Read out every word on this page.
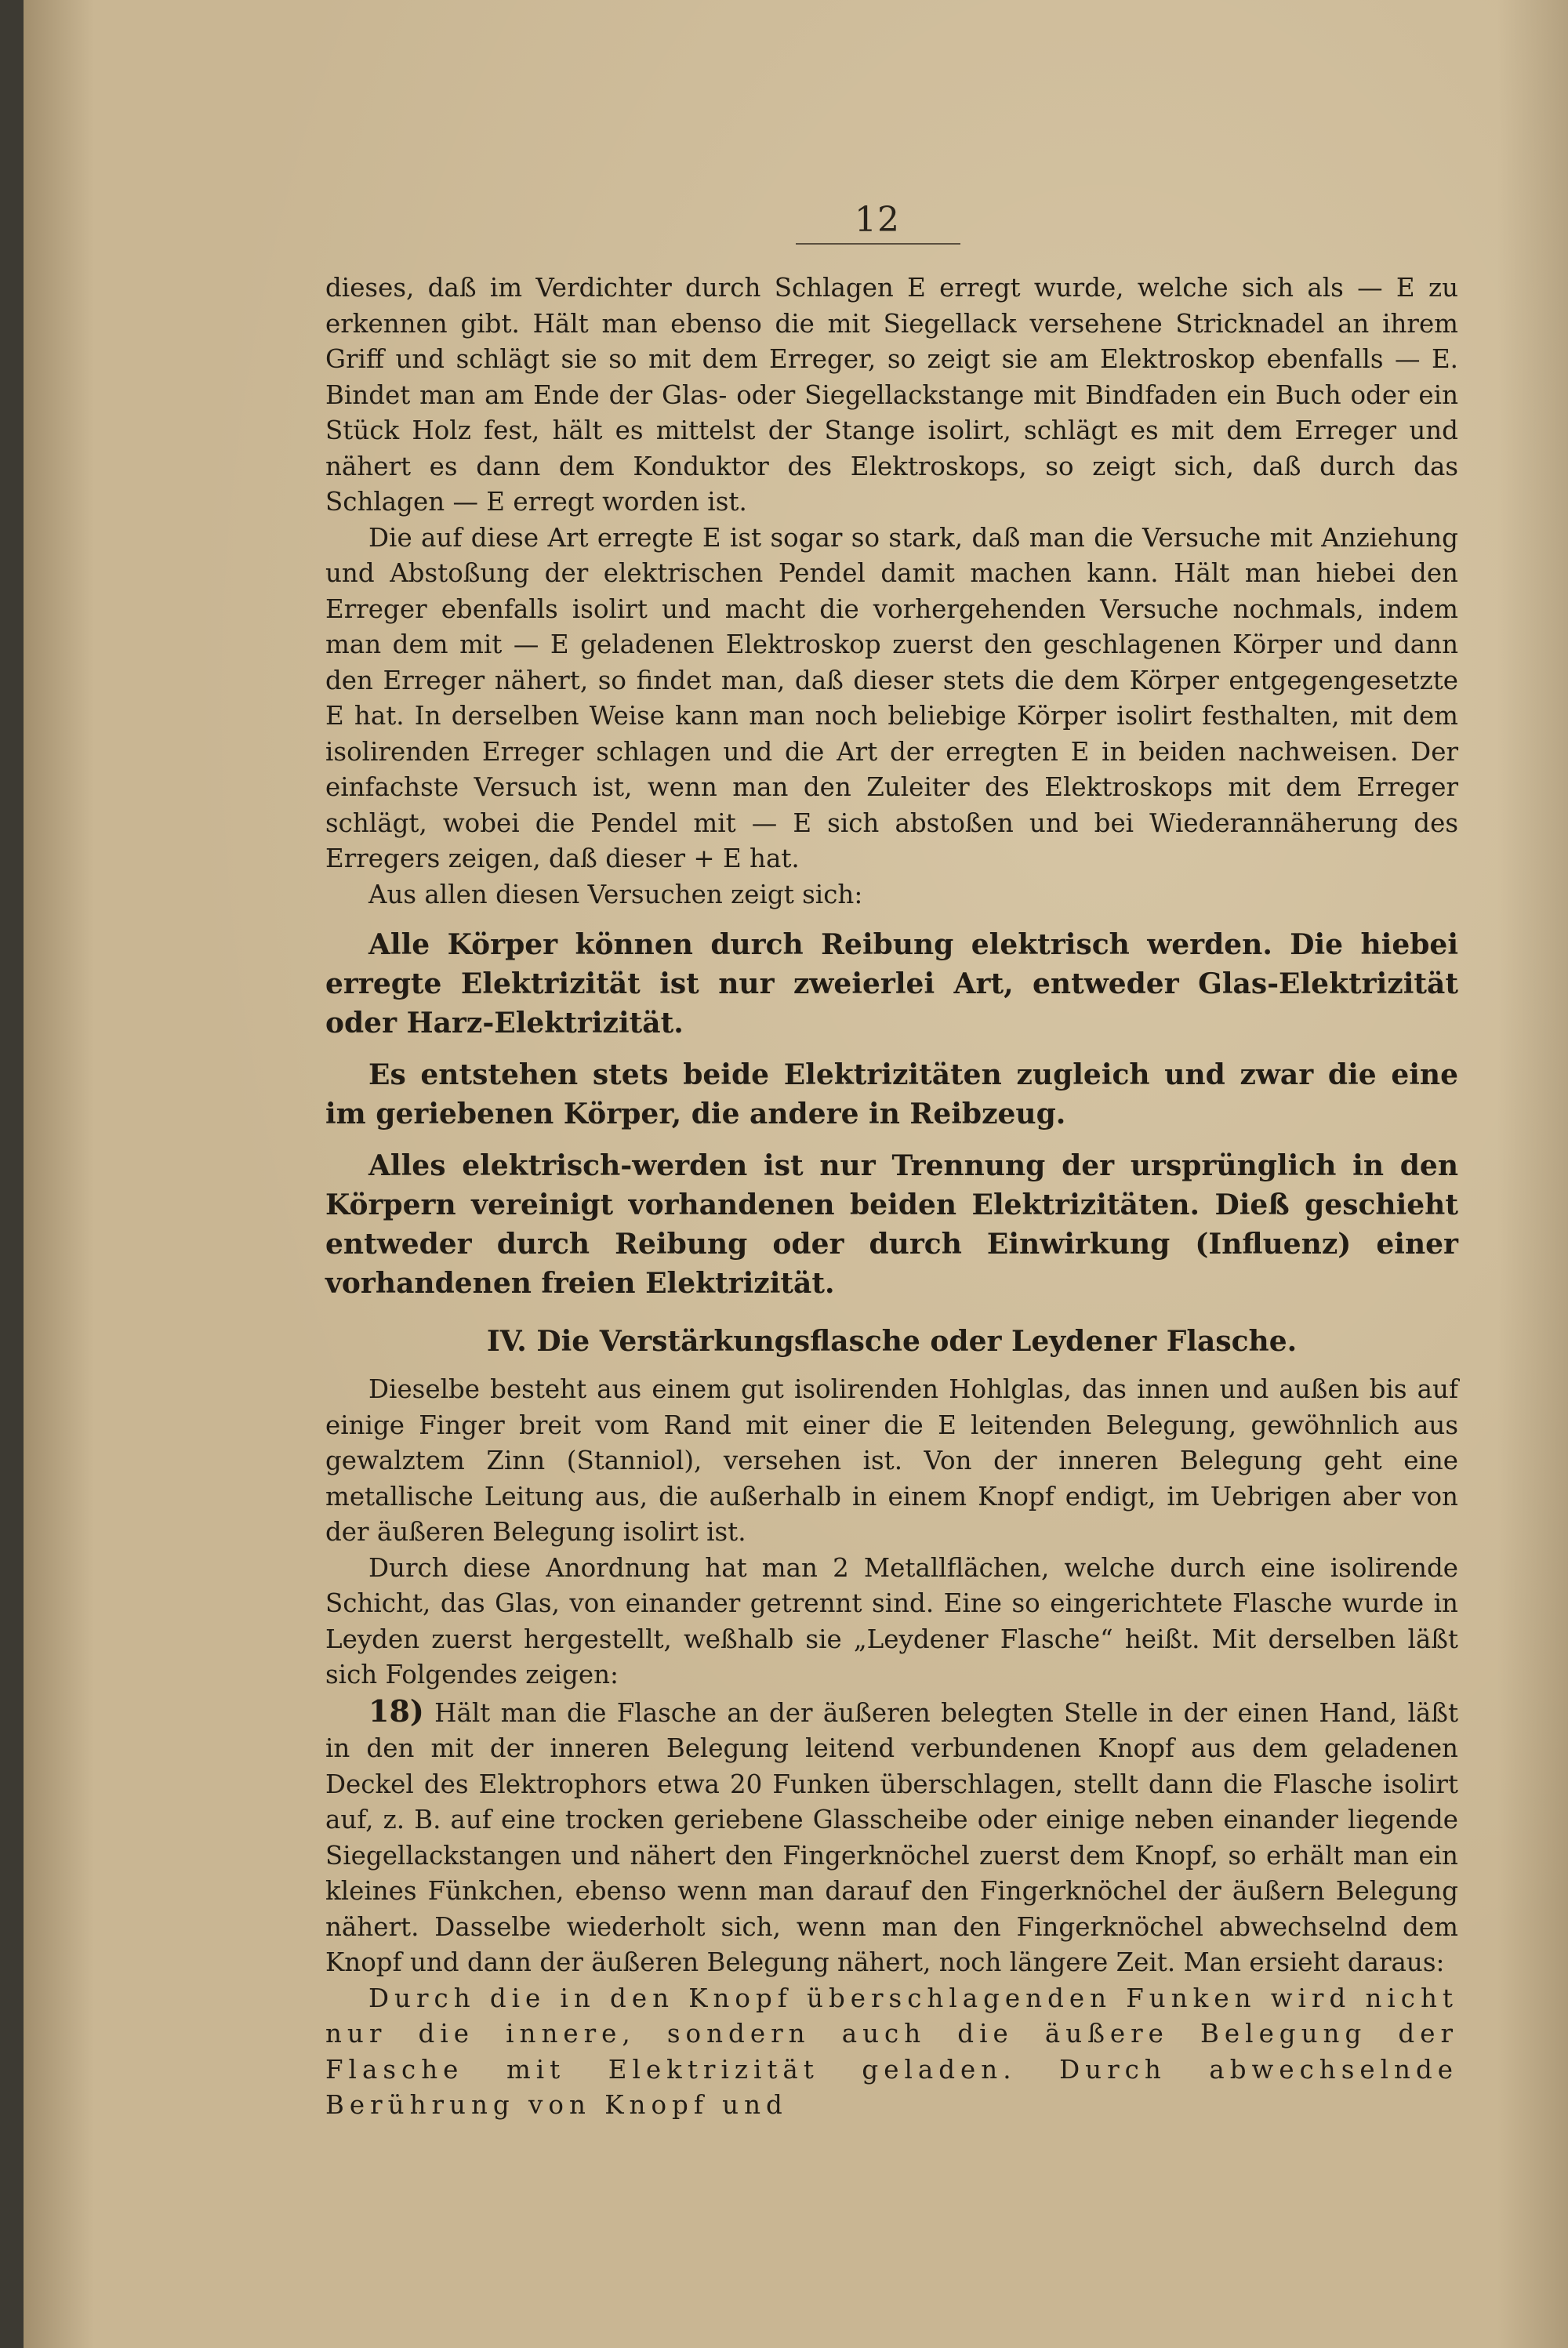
12

dieses, daß im Verdichter durch Schlagen E erregt wurde, welche sich als — E zu erkennen gibt. Hält man ebenso die mit Siegellack versehene Stricknadel an ihrem Griff und schlägt sie so mit dem Erreger, so zeigt sie am Elektroskop ebenfalls — E. Bindet man am Ende der Glas- oder Siegellackstange mit Bindfaden ein Buch oder ein Stück Holz fest, hält es mittelst der Stange isolirt, schlägt es mit dem Erreger und nähert es dann dem Konduktor des Elektroskops, so zeigt sich, daß durch das Schlagen — E erregt worden ist.

Die auf diese Art erregte E ist sogar so stark, daß man die Versuche mit Anziehung und Abstoßung der elektrischen Pendel damit machen kann. Hält man hiebei den Erreger ebenfalls isolirt und macht die vorhergehenden Versuche nochmals, indem man dem mit — E geladenen Elektroskop zuerst den geschlagenen Körper und dann den Erreger nähert, so findet man, daß dieser stets die dem Körper entgegengesetzte E hat. In derselben Weise kann man noch beliebige Körper isolirt festhalten, mit dem isolirenden Erreger schlagen und die Art der erregten E in beiden nachweisen. Der einfachste Versuch ist, wenn man den Zuleiter des Elektroskops mit dem Erreger schlägt, wobei die Pendel mit — E sich abstoßen und bei Wiederannäherung des Erregers zeigen, daß dieser + E hat.

Aus allen diesen Versuchen zeigt sich:

Alle Körper können durch Reibung elektrisch werden. Die hiebei erregte Elektrizität ist nur zweierlei Art, entweder Glas-Elektrizität oder Harz-Elektrizität.

Es entstehen stets beide Elektrizitäten zugleich und zwar die eine im geriebenen Körper, die andere in Reibzeug.

Alles elektrisch-werden ist nur Trennung der ursprünglich in den Körpern vereinigt vorhandenen beiden Elektrizitäten. Dieß geschieht entweder durch Reibung oder durch Einwirkung (Influenz) einer vorhandenen freien Elektrizität.

IV. Die Verstärkungsflasche oder Leydener Flasche.

Dieselbe besteht aus einem gut isolirenden Hohlglas, das innen und außen bis auf einige Finger breit vom Rand mit einer die E leitenden Belegung, gewöhnlich aus gewalztem Zinn (Stanniol), versehen ist. Von der inneren Belegung geht eine metallische Leitung aus, die außerhalb in einem Knopf endigt, im Uebrigen aber von der äußeren Belegung isolirt ist.

Durch diese Anordnung hat man 2 Metallflächen, welche durch eine isolirende Schicht, das Glas, von einander getrennt sind. Eine so eingerichtete Flasche wurde in Leyden zuerst hergestellt, weßhalb sie „Leydener Flasche“ heißt. Mit derselben läßt sich Folgendes zeigen:

18) Hält man die Flasche an der äußeren belegten Stelle in der einen Hand, läßt in den mit der inneren Belegung leitend verbundenen Knopf aus dem geladenen Deckel des Elektrophors etwa 20 Funken überschlagen, stellt dann die Flasche isolirt auf, z. B. auf eine trocken geriebene Glasscheibe oder einige neben einander liegende Siegellackstangen und nähert den Fingerknöchel zuerst dem Knopf, so erhält man ein kleines Fünkchen, ebenso wenn man darauf den Fingerknöchel der äußern Belegung nähert. Dasselbe wiederholt sich, wenn man den Fingerknöchel abwechselnd dem Knopf und dann der äußeren Belegung nähert, noch längere Zeit. Man ersieht daraus:

Durch die in den Knopf überschlagenden Funken wird nicht nur die innere, sondern auch die äußere Belegung der Flasche mit Elektrizität geladen. Durch abwechselnde Berührung von Knopf und
